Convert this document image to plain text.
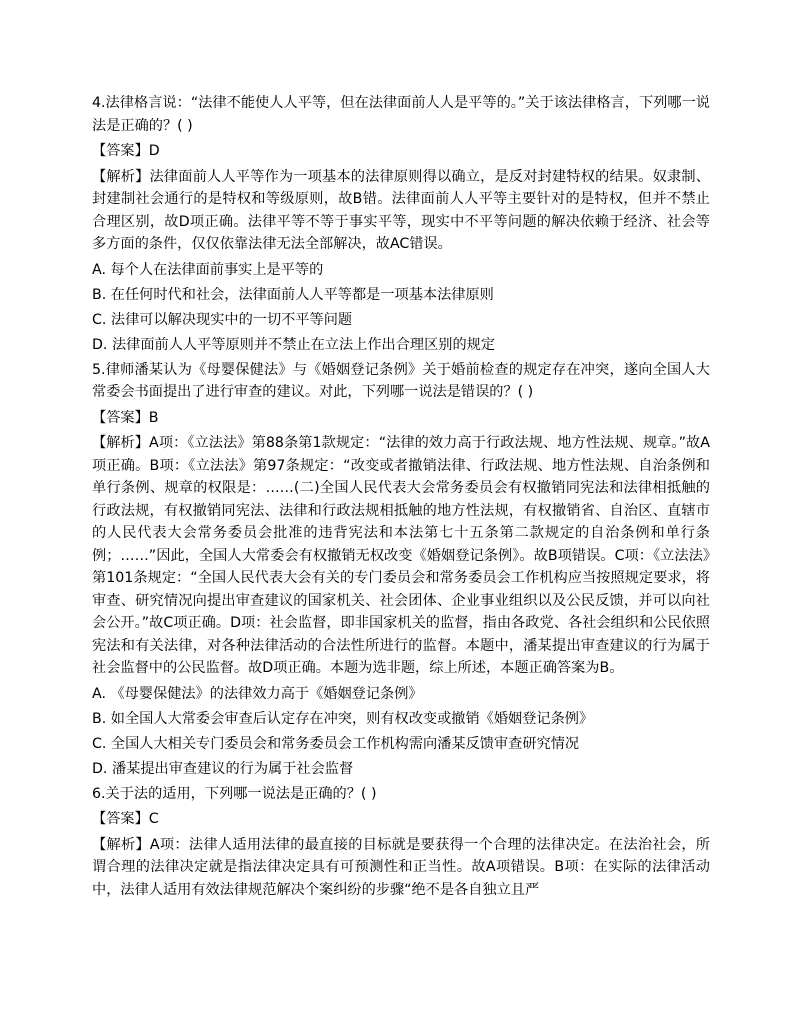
4.法律格言说：“法律不能使人人平等，但在法律面前人人是平等的。”关于该法律格言，下列哪一说法是正确的？( )

【答案】D

【解析】法律面前人人平等作为一项基本的法律原则得以确立，是反对封建特权的结果。奴隶制、封建制社会通行的是特权和等级原则，故B错。法律面前人人平等主要针对的是特权，但并不禁止合理区别，故D项正确。法律平等不等于事实平等，现实中不平等问题的解决依赖于经济、社会等多方面的条件，仅仅依靠法律无法全部解决，故AC错误。

A. 每个人在法律面前事实上是平等的

B. 在任何时代和社会，法律面前人人平等都是一项基本法律原则

C. 法律可以解决现实中的一切不平等问题

D. 法律面前人人平等原则并不禁止在立法上作出合理区别的规定

5.律师潘某认为《母婴保健法》与《婚姻登记条例》关于婚前检查的规定存在冲突，遂向全国人大常委会书面提出了进行审查的建议。对此，下列哪一说法是错误的？( )

【答案】B

【解析】A项：《立法法》第88条第1款规定：“法律的效力高于行政法规、地方性法规、规章。”故A项正确。B项：《立法法》第97条规定：“改变或者撤销法律、行政法规、地方性法规、自治条例和单行条例、规章的权限是：……(二)全国人民代表大会常务委员会有权撤销同宪法和法律相抵触的行政法规，有权撤销同宪法、法律和行政法规相抵触的地方性法规，有权撤销省、自治区、直辖市的人民代表大会常务委员会批准的违背宪法和本法第七十五条第二款规定的自治条例和单行条例；……”因此，全国人大常委会有权撤销无权改变《婚姻登记条例》。故B项错误。C项：《立法法》第101条规定：“全国人民代表大会有关的专门委员会和常务委员会工作机构应当按照规定要求，将审查、研究情况向提出审查建议的国家机关、社会团体、企业事业组织以及公民反馈，并可以向社会公开。”故C项正确。D项：社会监督，即非国家机关的监督，指由各政党、各社会组织和公民依照宪法和有关法律，对各种法律活动的合法性所进行的监督。本题中，潘某提出审查建议的行为属于社会监督中的公民监督。故D项正确。本题为选非题，综上所述，本题正确答案为B。

A. 《母婴保健法》的法律效力高于《婚姻登记条例》

B. 如全国人大常委会审查后认定存在冲突，则有权改变或撤销《婚姻登记条例》

C. 全国人大相关专门委员会和常务委员会工作机构需向潘某反馈审查研究情况

D. 潘某提出审查建议的行为属于社会监督

6.关于法的适用，下列哪一说法是正确的？( )

【答案】C

【解析】A项：法律人适用法律的最直接的目标就是要获得一个合理的法律决定。在法治社会，所谓合理的法律决定就是指法律决定具有可预测性和正当性。故A项错误。B项：在实际的法律活动中，法律人适用有效法律规范解决个案纠纷的步骤“绝不是各自独立且严
